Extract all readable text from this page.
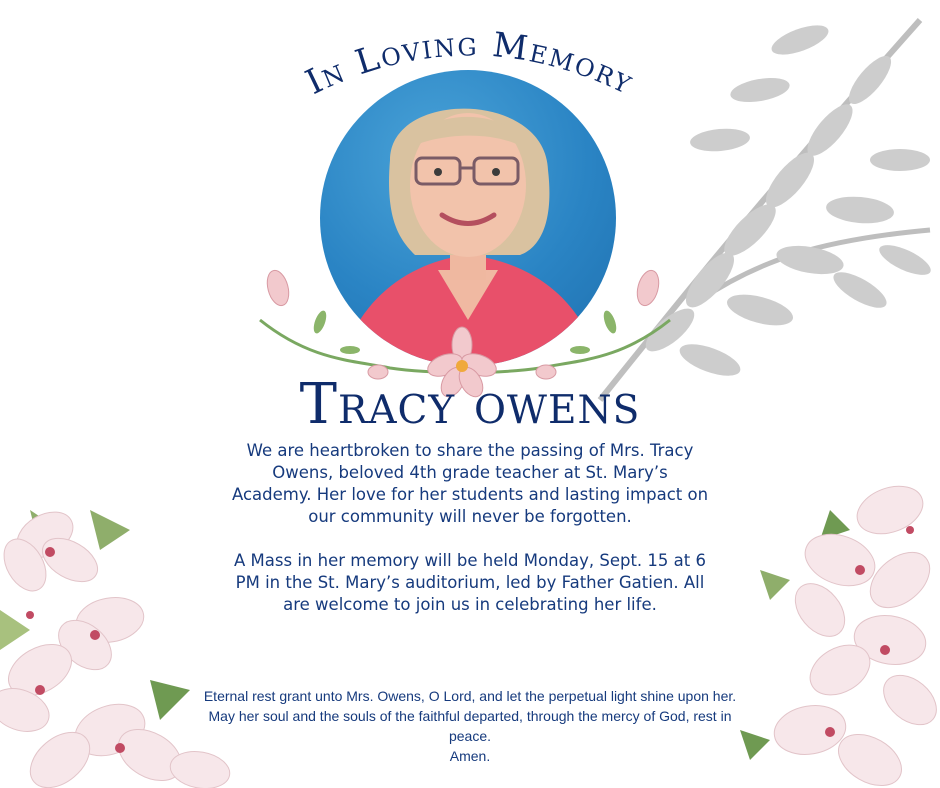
In Loving Memory
Tracy owens

We are heartbroken to share the passing of Mrs. Tracy Owens, beloved 4th grade teacher at St. Mary’s Academy. Her love for her students and lasting impact on our community will never be forgotten.

A Mass in her memory will be held Monday, Sept. 15 at 6 PM in the St. Mary’s auditorium, led by Father Gatien. All are welcome to join us in celebrating her life.

Eternal rest grant unto Mrs. Owens, O Lord, and let the perpetual light shine upon her. May her soul and the souls of the faithful departed, through the mercy of God, rest in peace.

Amen.
